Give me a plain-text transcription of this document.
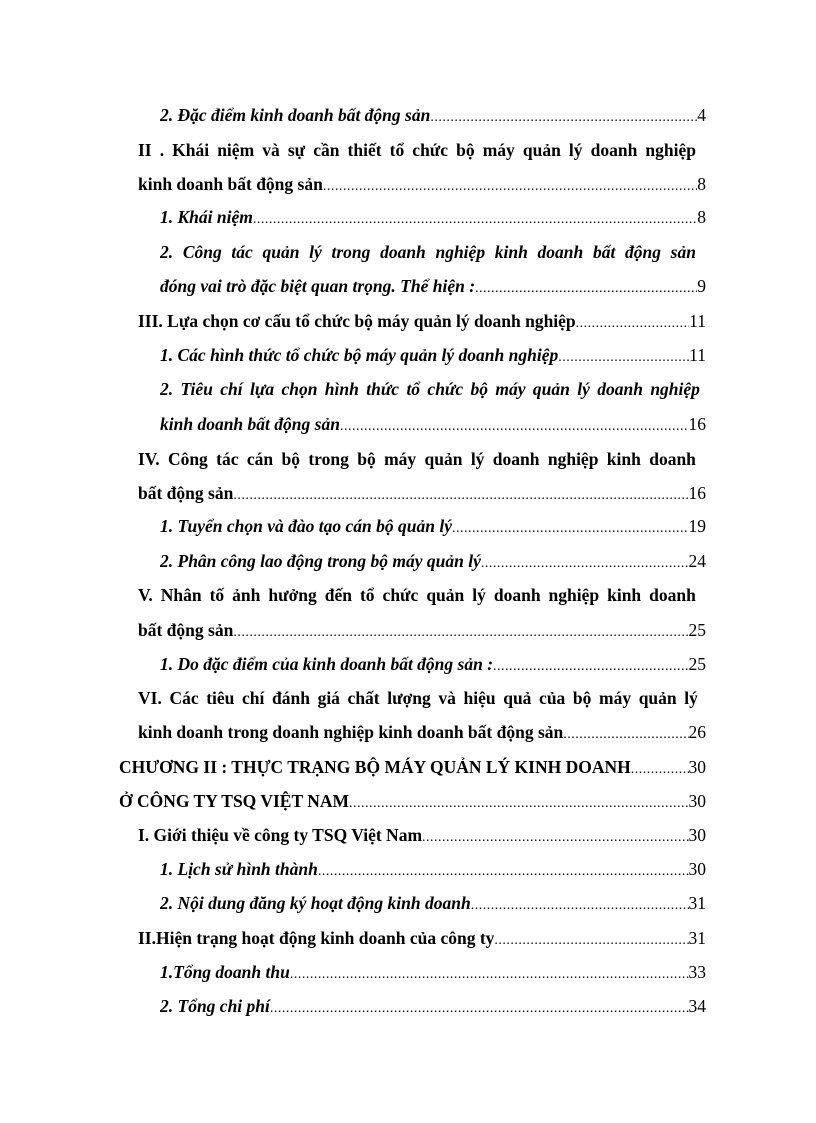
2. Đặc điểm kinh doanh bất động sản .....	4
II . Khái niệm và sự cần thiết tổ chức bộ máy quản lý doanh nghiệp
kinh doanh bất động sản .....	8
1. Khái niệm .....	8
2. Công tác quản lý trong doanh nghiệp kinh doanh bất động sản
đóng vai trò đặc biệt quan trọng. Thể hiện : .....	9
III. Lựa chọn cơ cấu tổ chức bộ máy quản lý doanh nghiệp .....	11
1. Các hình thức tổ chức bộ máy quản lý doanh nghiệp .....	11
2. Tiêu chí lựa chọn hình thức tổ chức bộ máy quản lý doanh nghiệp
kinh doanh bất động sản .....	16
IV. Công tác cán bộ trong bộ máy quản lý doanh nghiệp kinh doanh
bất động sản .....	16
1. Tuyển chọn và đào tạo cán bộ quản lý .....	19
2. Phân công lao động trong bộ máy quản lý .....	24
V. Nhân tố ảnh hưởng đến tổ chức quản lý doanh nghiệp kinh doanh
bất động sản .....	25
1. Do đặc điểm của kinh doanh bất động sản : .....	25
VI. Các tiêu chí đánh giá chất lượng và hiệu quả của bộ máy quản lý
kinh doanh trong doanh nghiệp kinh doanh bất động sản .....	26
CHƯƠNG II : THỰC TRẠNG BỘ MÁY QUẢN LÝ KINH DOANH .....	30
Ở CÔNG TY TSQ VIỆT NAM .....	30
I. Giới thiệu về công ty TSQ Việt Nam .....	30
1. Lịch sử hình thành .....	30
2. Nội dung đăng ký hoạt động kinh doanh .....	31
II. Hiện trạng hoạt động kinh doanh của công ty .....	31
1.Tổng doanh thu .....	33
2. Tổng chi phí .....	34
